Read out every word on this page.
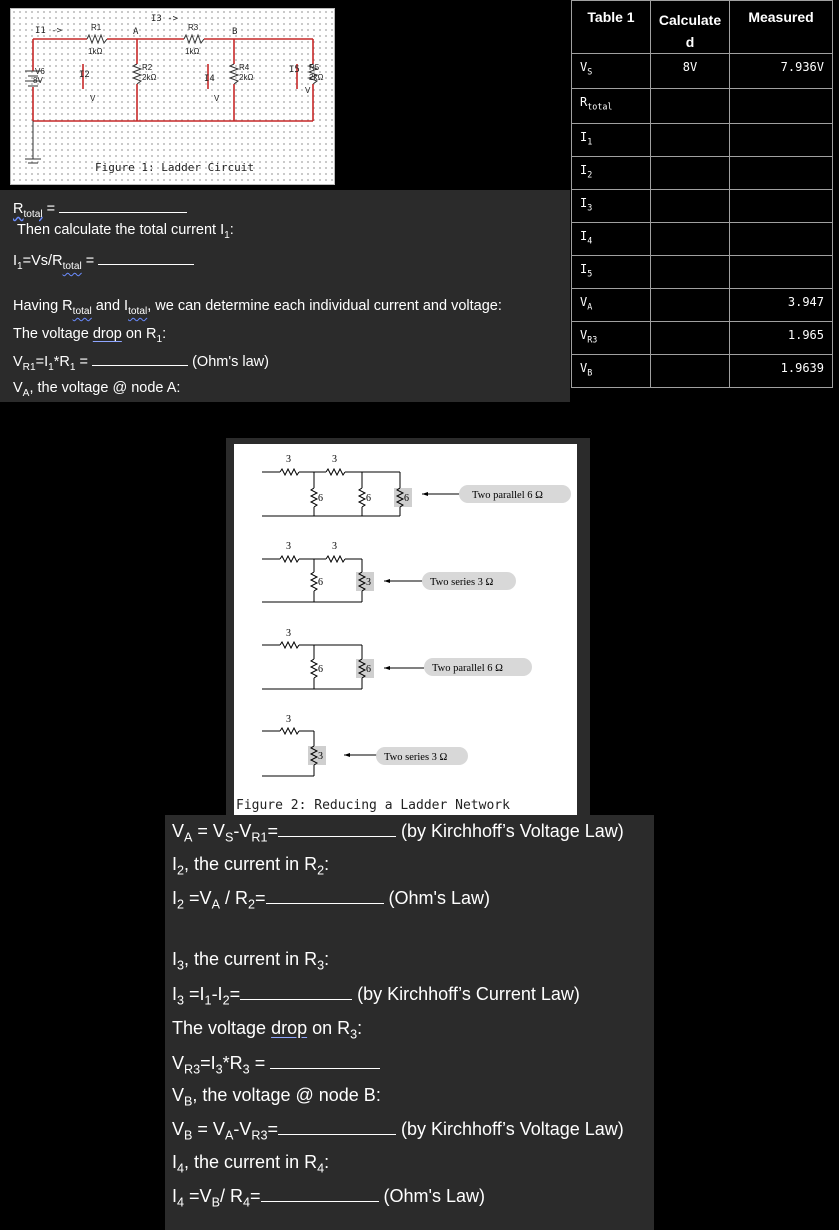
I1 ->
I3 ->
I2	I4
I5
A	B
R1
1kΩ
R2
2kΩ
R3
1kΩ
R4
2kΩ
R5
2kΩ
V6
8V
V	V
V
Figure 1: Ladder Circuit
$R_{total}$ =
Then calculate the total current $I_1$:
$I_1=Vs/R_{total}$ =
Having $R_{total}$ and $I_{total}$, we can determine each individual current and voltage:
The voltage drop on $R_1$:
$V_{R1}=I_1*R_1$ =	(Ohm's law)
$V_A$, the voltage @ node A:
Table 1	Calculated	Measured
$V_S$	8V	7.936V
$R_{total}$		
$I_1$		
$I_2$		
$I_3$		
$I_4$		
$I_5$		
$V_A$		3.947
$V_{R3}$		1.965
$V_B$		1.9639
3	3
6	6	6	Two parallel 6 Ω
3	3
6	3	Two series 3 Ω
3
6	6	Two parallel 6 Ω
3
3	Two series 3 Ω
Figure 2: Reducing a Ladder Network
$V_A = V_S-V_{R1}=$	(by Kirchhoff’s Voltage Law)
$I_2$, the current in $R_2$:
$I_2 =V_A / R_2=$	(Ohm's Law)
$I_3$, the current in $R_3$:
$I_3 =I_1-I_2=$	(by Kirchhoff’s Current Law)
The voltage drop on $R_3$:
$V_{R3}=I_3*R_3$ =
$V_B$, the voltage @ node B:
$V_B = V_A-V_{R3}=$	(by Kirchhoff’s Voltage Law)
$I_4$, the current in $R_4$:
$I_4 =V_B/$ $R_4=$	(Ohm's Law)
